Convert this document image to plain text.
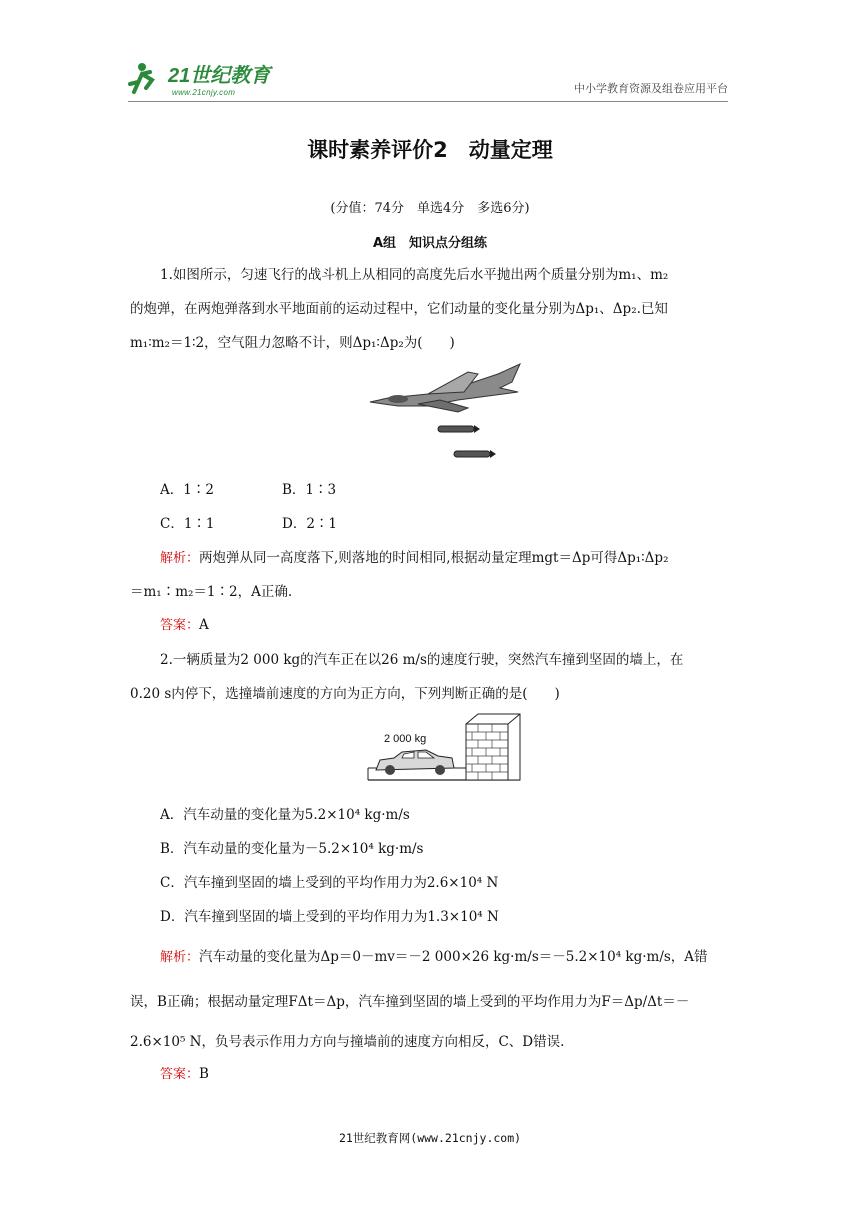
21世纪教育
www.21cnjy.com	中小学教育资源及组卷应用平台
课时素养评价2　动量定理
(分值：74分　单选4分　多选6分)
A组　知识点分组练
1.如图所示，匀速飞行的战斗机上从相同的高度先后水平抛出两个质量分别为m₁、m₂
的炮弹，在两炮弹落到水平地面前的运动过程中，它们动量的变化量分别为Δp₁、Δp₂.已知
m₁∶m₂＝1∶2，空气阻力忽略不计，则Δp₁∶Δp₂为(　　)
A．1∶2	B．1∶3
C．1∶1	D．2∶1
解析：两炮弹从同一高度落下,则落地的时间相同,根据动量定理mgt＝Δp可得Δp₁∶Δp₂
＝m₁∶m₂＝1∶2，A正确.
答案：A
2.一辆质量为2 000 kg的汽车正在以26 m/s的速度行驶，突然汽车撞到坚固的墙上，在
0.20 s内停下，选撞墙前速度的方向为正方向，下列判断正确的是(　　)
2 000 kg
A．汽车动量的变化量为5.2×10⁴ kg·m/s
B．汽车动量的变化量为－5.2×10⁴ kg·m/s
C．汽车撞到坚固的墙上受到的平均作用力为2.6×10⁴ N
D．汽车撞到坚固的墙上受到的平均作用力为1.3×10⁴ N
解析：汽车动量的变化量为Δp＝0－mv＝－2 000×26 kg·m/s＝－5.2×10⁴ kg·m/s，A错
误，B正确；根据动量定理FΔt＝Δp，汽车撞到坚固的墙上受到的平均作用力为F＝Δp/Δt＝－
2.6×10⁵ N，负号表示作用力方向与撞墙前的速度方向相反，C、D错误.
答案：B
21世纪教育网(www.21cnjy.com)
